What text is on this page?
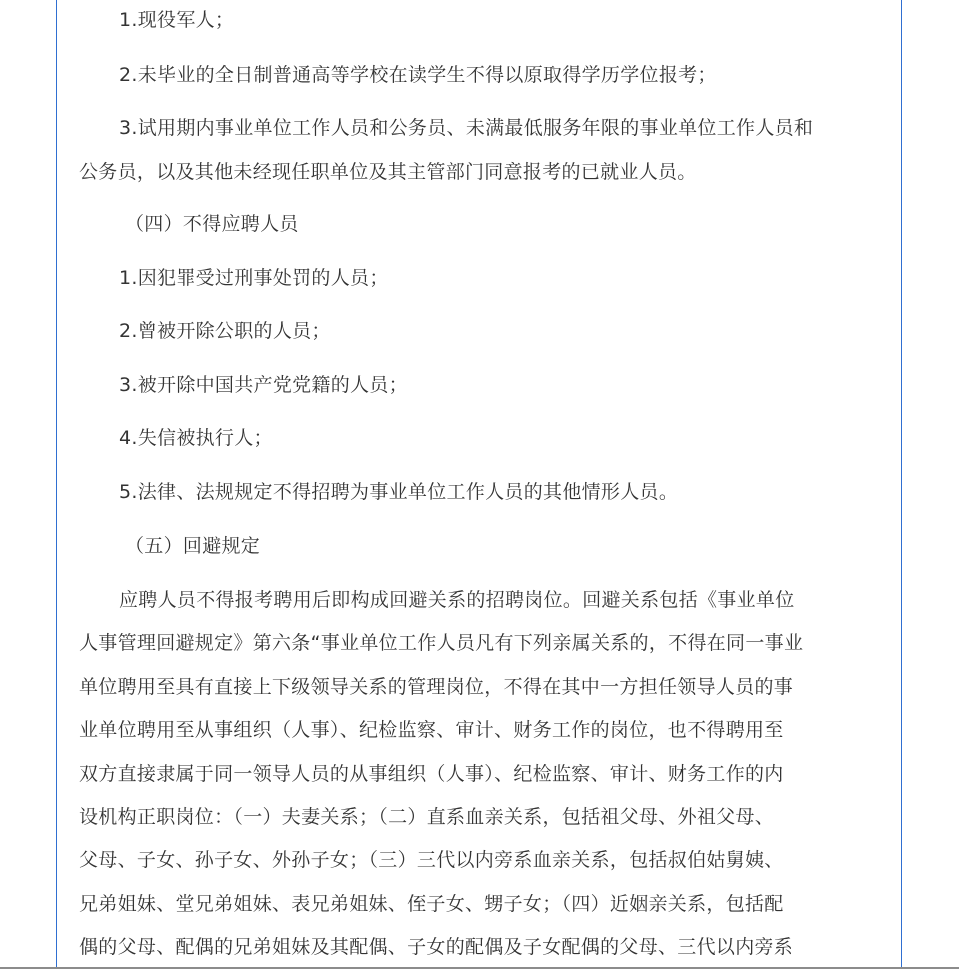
1.现役军人；
2.未毕业的全日制普通高等学校在读学生不得以原取得学历学位报考；
3.试用期内事业单位工作人员和公务员、未满最低服务年限的事业单位工作人员和
公务员，以及其他未经现任职单位及其主管部门同意报考的已就业人员。
（四）不得应聘人员
1.因犯罪受过刑事处罚的人员；
2.曾被开除公职的人员；
3.被开除中国共产党党籍的人员；
4.失信被执行人；
5.法律、法规规定不得招聘为事业单位工作人员的其他情形人员。
（五）回避规定
应聘人员不得报考聘用后即构成回避关系的招聘岗位。回避关系包括《事业单位
人事管理回避规定》第六条“事业单位工作人员凡有下列亲属关系的，不得在同一事业
单位聘用至具有直接上下级领导关系的管理岗位，不得在其中一方担任领导人员的事
业单位聘用至从事组织（人事）、纪检监察、审计、财务工作的岗位，也不得聘用至
双方直接隶属于同一领导人员的从事组织（人事）、纪检监察、审计、财务工作的内
设机构正职岗位：（一）夫妻关系；（二）直系血亲关系，包括祖父母、外祖父母、
父母、子女、孙子女、外孙子女；（三）三代以内旁系血亲关系，包括叔伯姑舅姨、
兄弟姐妹、堂兄弟姐妹、表兄弟姐妹、侄子女、甥子女；（四）近姻亲关系，包括配
偶的父母、配偶的兄弟姐妹及其配偶、子女的配偶及子女配偶的父母、三代以内旁系
